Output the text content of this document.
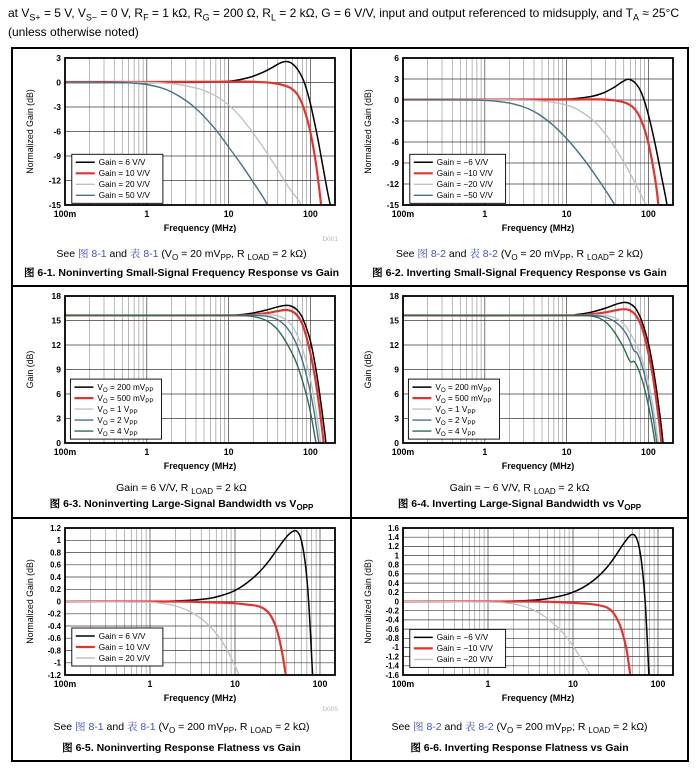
at $V_{S+} = 5$ V, $V_{S-} = 0$ V, $R_F = 1$ kΩ, $R_G = 200$ Ω, $R_L = 2$ kΩ, G = 6 V/V, input and output referenced to midsupply, and $T_A \approx 25^\circ C$ (unless otherwise noted)
-15
-12
-9
-6
-3
0
3
100m	1	10	100
Frequency (MHz)
Normalized Gain (dB)	Gain = 6 V/V
Gain = 10 V/V
Gain = 20 V/V
Gain = 50 V/V
D001
See 图 8-1 and 表 8-1 ($V_O = 20$ $mV_{PP}$, R $_{LOAD}$ = 2 kΩ)
图 6-1. Noninverting Small-Signal Frequency Response vs Gain
-15
-12
-9
-6
-3
0
3
6
100m	1	10	100
Frequency (MHz)
Normalized Gain (dB)	Gain = −6 V/V
Gain = −10 V/V
Gain = −20 V/V
Gain = −50 V/V
See 图 8-2 and 表 8-2 ($V_O = 20$ $mV_{PP}$, R $_{LOAD}$= 2 kΩ)
图 6-2. Inverting Small-Signal Frequency Response vs Gain
0
3
6
9
12
15
18
100m	1	10	100
Frequency (MHz)
Gain (dB)	$V_O = 200$ $mV_{PP}$
$V_O = 500$ $mV_{PP}$
$V_O = 1$ $V_{PP}$
$V_O = 2$ $V_{PP}$
$V_O = 4$ $V_{PP}$
Gain = 6 V/V, R $_{LOAD}$ = 2 kΩ
图 6-3. Noninverting Large-Signal Bandwidth vs $V_{OPP}$
0
3
6
9
12
15
18
100m	1	10	100
Frequency (MHz)
Gain (dB)	$V_O = 200$ $mV_{PP}$
$V_O = 500$ $mV_{PP}$
$V_O = 1$ $V_{PP}$
$V_O = 2$ $V_{PP}$
$V_O = 4$ $V_{PP}$
Gain = − 6 V/V, R $_{LOAD}$ = 2 kΩ
图 6-4. Inverting Large-Signal Bandwidth vs $V_{OPP}$
-1.2
-1
-0.8
-0.6
-0.4
-0.2
0
0.2
0.4
0.6
0.8
1
1.2
100m	1	10	100
Frequency (MHz)
Normalized Gain (dB)	Gain = 6 V/V
Gain = 10 V/V
Gain = 20 V/V
D005
See 图 8-1 and 表 8-1 ($V_O = 200$ $mV_{PP}$, R $_{LOAD}$ = 2 kΩ)
图 6-5. Noninverting Response Flatness vs Gain
-1.6
-1.4
-1.2
-1
-0.8
-0.6
-0.4
-0.2
0
0.2
0.4
0.6
0.8
1
1.2
1.4
1.6
100m	1	10	100
Frequency (MHz)
Normalized Gain (dB)	Gain = −6 V/V
Gain = −10 V/V
Gain = −20 V/V
See 图 8-2 and 表 8-2 ($V_O = 200$ $mV_{PP}$; R $_{LOAD}$ = 2 kΩ)
图 6-6. Inverting Response Flatness vs Gain
